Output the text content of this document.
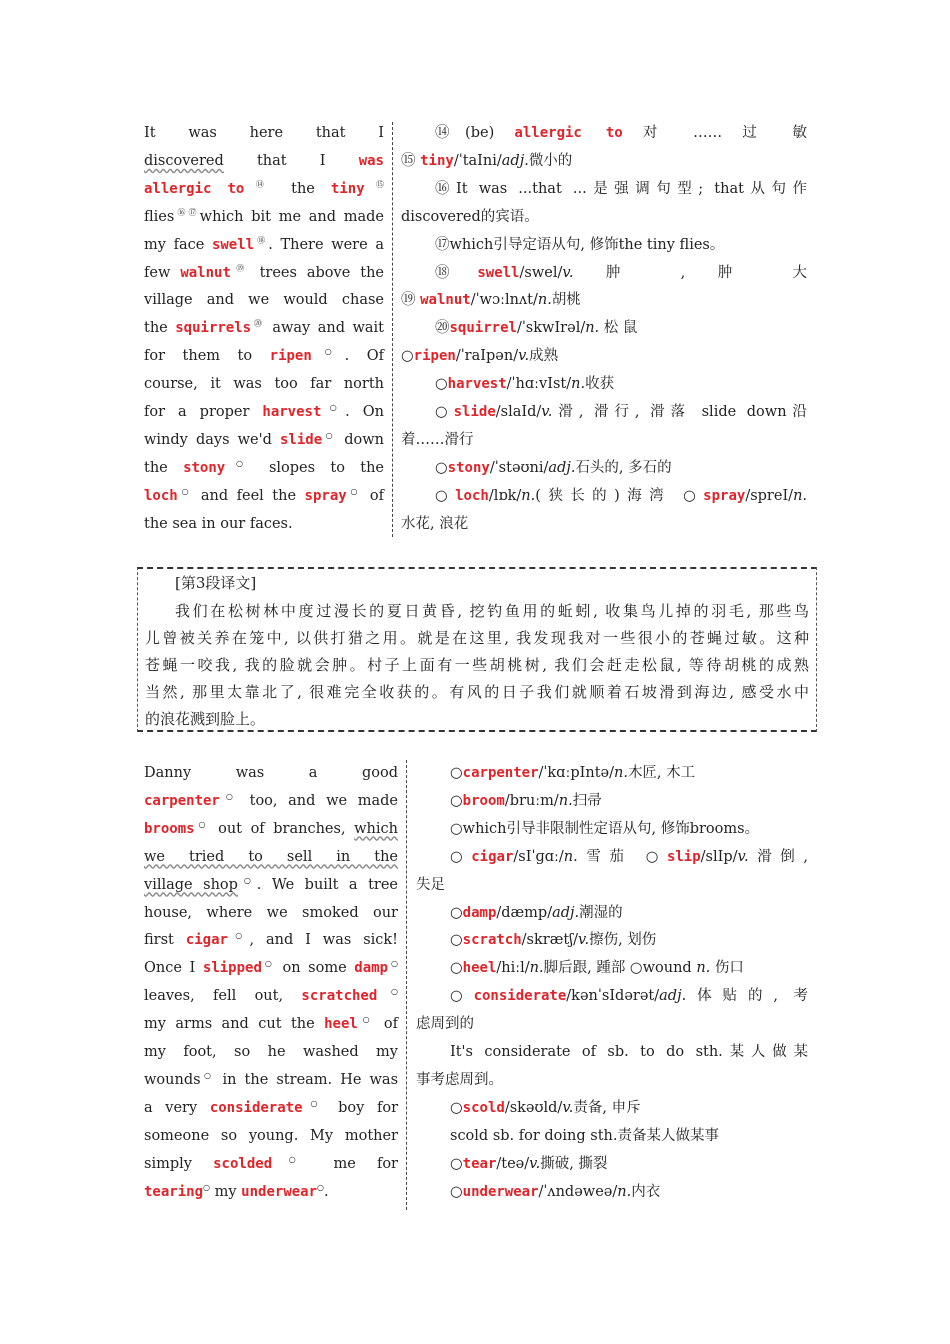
It was here that I
discovered that I was
allergic to⑭ the tiny⑮
flies⑯⑰which bit me and made
my face swell⑱. There were a
few walnut⑲ trees above the
village and we would chase
the squirrels⑳ away and wait
for them to ripen○. Of
course, it was too far north
for a proper harvest○. On
windy days we'd slide○ down
the stony○ slopes to the
loch○ and feel the spray○ of
the sea in our faces.
⑭(be) allergic to 对 …… 过 敏
⑮ tiny/ˈtaIni/adj.微小的
⑯It was ...that ...是强调句型; that从句作
discovered的宾语。
⑰which引导定语从句, 修饰the tiny flies。
⑱swell/swel/v. 肿 , 肿 大
⑲ walnut/ˈwɔːlnʌt/n.胡桃
⑳squirrel/ˈskwIrəl/n. 松 鼠
○ripen/ˈraIpən/v.成熟
○harvest/ˈhɑːvIst/n.收获
○slide/slaId/v.滑, 滑行, 滑落 slide down沿
着……滑行
○stony/ˈstəʊni/adj.石头的, 多石的
○loch/lɒk/n.(狭长的)海湾 ○spray/spreI/n.
水花, 浪花
[第3段译文]
我们在松树林中度过漫长的夏日黄昏, 挖钓鱼用的蚯蚓, 收集鸟儿掉的羽毛, 那些鸟
儿曾被关养在笼中, 以供打猎之用。就是在这里, 我发现我对一些很小的苍蝇过敏。这种
苍蝇一咬我, 我的脸就会肿。村子上面有一些胡桃树, 我们会赶走松鼠, 等待胡桃的成熟
当然, 那里太靠北了, 很难完全收获的。有风的日子我们就顺着石坡滑到海边, 感受水中
的浪花溅到脸上。
Danny was a good
carpenter○ too, and we made
brooms○ out of branches, which
we tried to sell in the
village shop○. We built a tree
house, where we smoked our
first cigar○, and I was sick!
Once I slipped○ on some damp○
leaves, fell out, scratched○
my arms and cut the heel○ of
my foot, so he washed my
wounds○ in the stream. He was
a very considerate○ boy for
someone so young. My mother
simply scolded○ me for
tearing○ my underwear○.
○carpenter/ˈkɑːpIntə/n.木匠, 木工
○broom/bruːm/n.扫帚
○which引导非限制性定语从句, 修饰brooms。
○cigar/sIˈɡɑː/n.雪茄 ○slip/slIp/v.滑倒,
失足
○damp/dæmp/adj.潮湿的
○scratch/skrætʃ/v.擦伤, 划伤
○heel/hiːl/n.脚后跟, 踵部 ○wound n. 伤口
○considerate/kənˈsIdərət/adj.体贴的, 考
虑周到的
It's considerate of sb. to do sth.某人做某
事考虑周到。
○scold/skəʊld/v.责备, 申斥
scold sb. for doing sth.责备某人做某事
○tear/teə/v.撕破, 撕裂
○underwear/ˈʌndəweə/n.内衣
